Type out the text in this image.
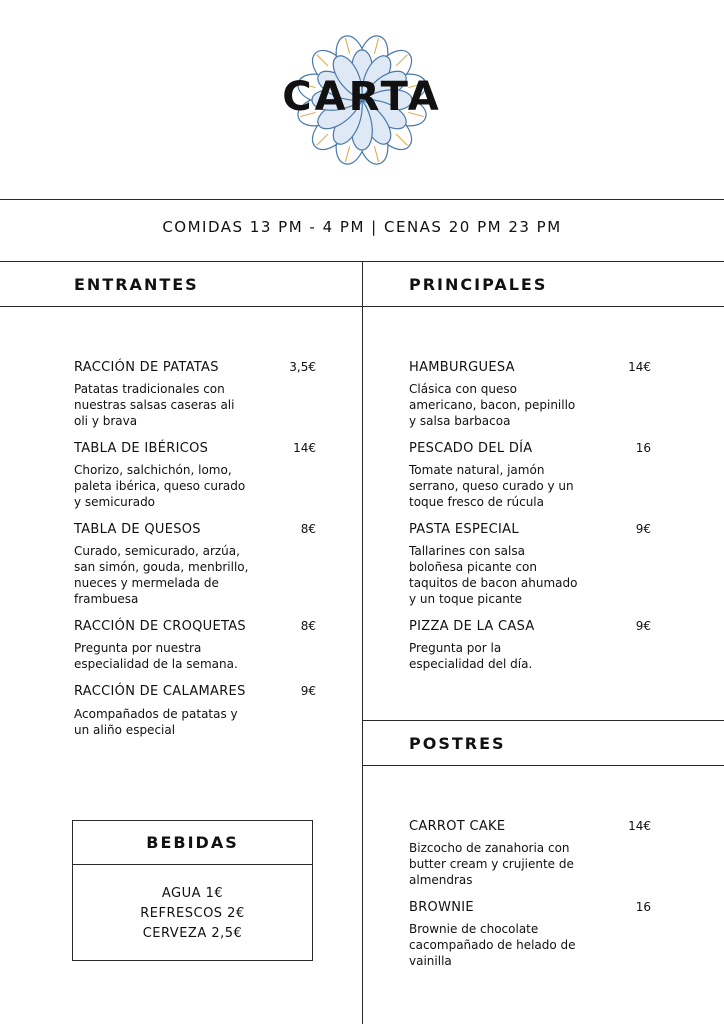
CARTA
COMIDAS 13 PM - 4 PM | CENAS 20 PM 23 PM
ENTRANTES	PRINCIPALES
RACCIÓN DE PATATAS	3,5€
Patatas tradicionales con
nuestras salsas caseras ali
oli y brava
TABLA DE IBÉRICOS	14€
Chorizo, salchichón, lomo,
paleta ibérica, queso curado
y semicurado
TABLA DE QUESOS	8€
Curado, semicurado, arzúa,
san simón, gouda, menbrillo,
nueces y mermelada de
frambuesa
RACCIÓN DE CROQUETAS	8€
Pregunta por nuestra
especialidad de la semana.
RACCIÓN DE CALAMARES	9€
Acompañados de patatas y
un aliño especial
HAMBURGUESA	14€
Clásica con queso
americano, bacon, pepinillo
y salsa barbacoa
PESCADO DEL DÍA	16
Tomate natural, jamón
serrano, queso curado y un
toque fresco de rúcula
PASTA ESPECIAL	9€
Tallarines con salsa
boloñesa picante con
taquitos de bacon ahumado
y un toque picante
PIZZA DE LA CASA	9€
Pregunta por la
especialidad del día.
POSTRES
CARROT CAKE	14€
Bizcocho de zanahoria con
butter cream y crujiente de
almendras
BROWNIE	16
Brownie de chocolate
cacompañado de helado de
vainilla
BEBIDAS
AGUA 1€
REFRESCOS 2€
CERVEZA 2,5€
